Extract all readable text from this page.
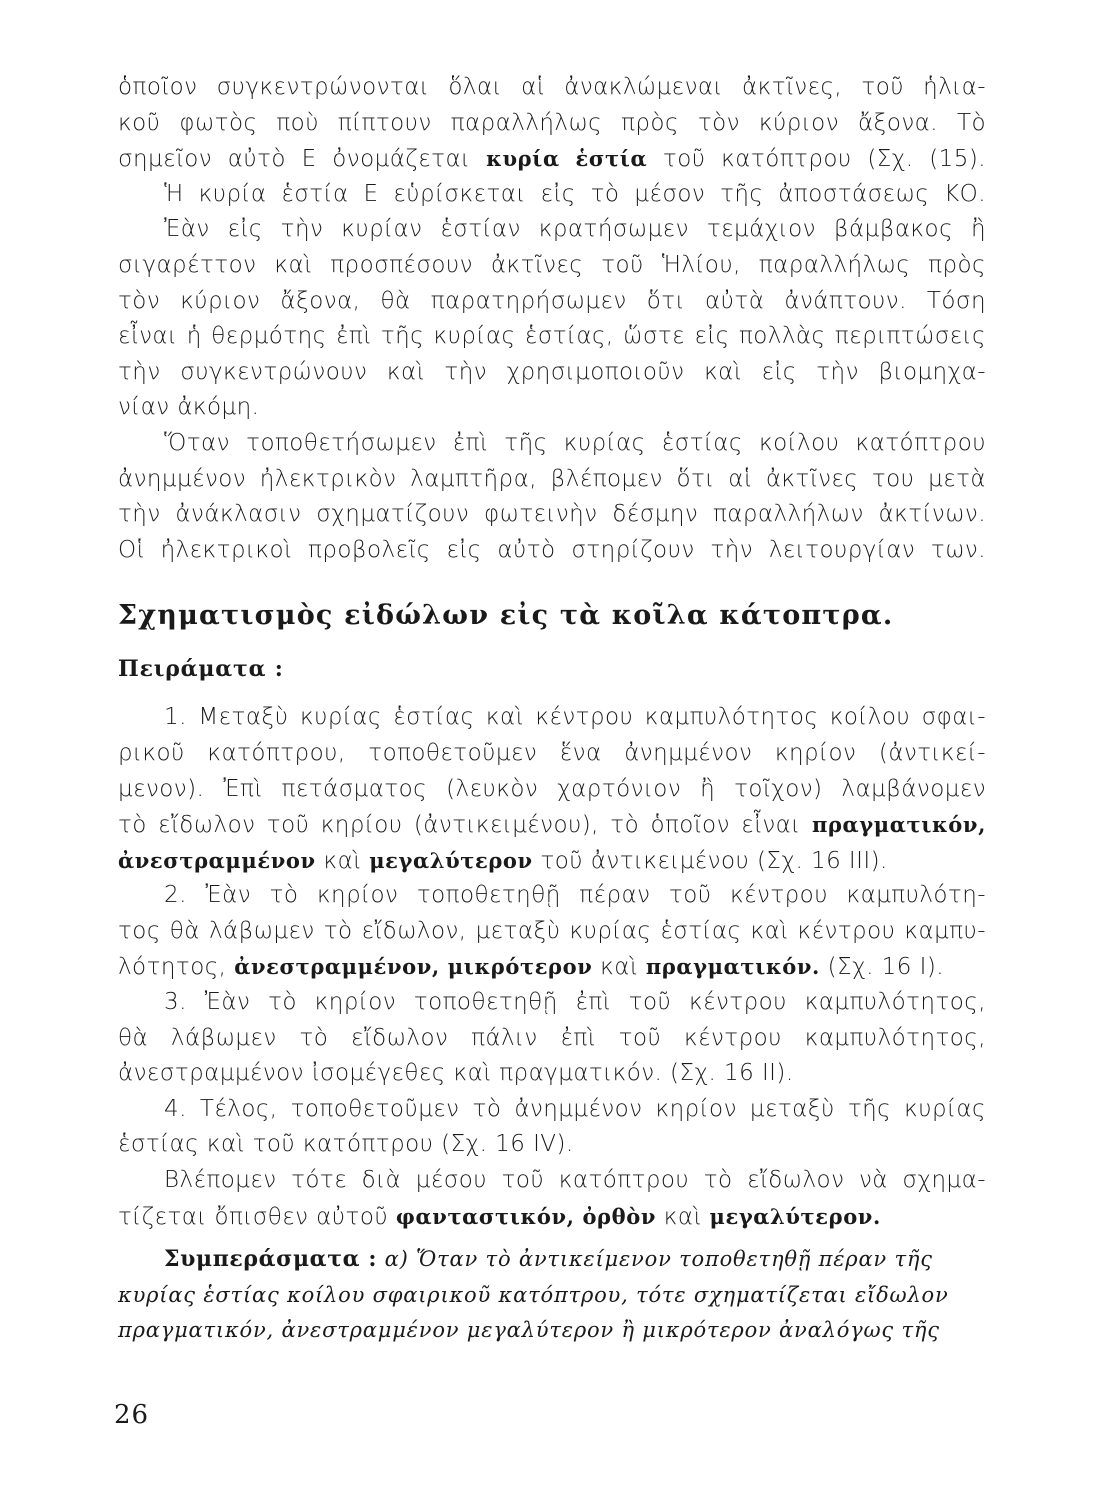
ὁποῖον συγκεντρώνονται ὅλαι αἱ ἀνακλώμεναι ἀκτῖνες, τοῦ ἡλια-

κοῦ φωτὸς ποὺ πίπτουν παραλλήλως πρὸς τὸν κύριον ἄξονα. Τὸ

σημεῖον αὐτὸ Ε ὀνομάζεται κυρία ἑστία τοῦ κατόπτρου (Σχ. (15).

Ἡ κυρία ἑστία Ε εὑρίσκεται εἰς τὸ μέσον τῆς ἀποστάσεως ΚΟ.

Ἐὰν εἰς τὴν κυρίαν ἑστίαν κρατήσωμεν τεμάχιον βάμβακος ἢ

σιγαρέττον καὶ προσπέσουν ἀκτῖνες τοῦ Ἡλίου, παραλλήλως πρὸς

τὸν κύριον ἄξονα, θὰ παρατηρήσωμεν ὅτι αὐτὰ ἀνάπτουν. Τόση

εἶναι ἡ θερμότης ἐπὶ τῆς κυρίας ἑστίας, ὥστε εἰς πολλὰς περιπτώσεις

τὴν συγκεντρώνουν καὶ τὴν χρησιμοποιοῦν καὶ εἰς τὴν βιομηχα-

νίαν ἀκόμη.

Ὅταν τοποθετήσωμεν ἐπὶ τῆς κυρίας ἑστίας κοίλου κατόπτρου

ἀνημμένον ἠλεκτρικὸν λαμπτῆρα, βλέπομεν ὅτι αἱ ἀκτῖνες του μετὰ

τὴν ἀνάκλασιν σχηματίζουν φωτεινὴν δέσμην παραλλήλων ἀκτίνων.

Οἱ ἠλεκτρικοὶ προβολεῖς εἰς αὐτὸ στηρίζουν τὴν λειτουργίαν των.

Σχηματισμὸς εἰδώλων εἰς τὰ κοῖλα κάτοπτρα.
Πειράματα :

1. Μεταξὺ κυρίας ἑστίας καὶ κέντρου καμπυλότητος κοίλου σφαι-

ρικοῦ κατόπτρου, τοποθετοῦμεν ἕνα ἀνημμένον κηρίον (ἀντικεί-

μενον). Ἐπὶ πετάσματος (λευκὸν χαρτόνιον ἢ τοῖχον) λαμβάνομεν

τὸ εἴδωλον τοῦ κηρίου (ἀντικειμένου), τὸ ὁποῖον εἶναι πραγματικόν,

ἀνεστραμμένον καὶ μεγαλύτερον τοῦ ἀντικειμένου (Σχ. 16 III).

2. Ἐὰν τὸ κηρίον τοποθετηθῇ πέραν τοῦ κέντρου καμπυλότη-

τος θὰ λάβωμεν τὸ εἴδωλον, μεταξὺ κυρίας ἑστίας καὶ κέντρου καμπυ-

λότητος, ἀνεστραμμένον, μικρότερον καὶ πραγματικόν. (Σχ. 16 I).

3. Ἐὰν τὸ κηρίον τοποθετηθῇ ἐπὶ τοῦ κέντρου καμπυλότητος,

θὰ λάβωμεν τὸ εἴδωλον πάλιν ἐπὶ τοῦ κέντρου καμπυλότητος,

ἀνεστραμμένον ἰσομέγεθες καὶ πραγματικόν. (Σχ. 16 II).

4. Τέλος, τοποθετοῦμεν τὸ ἀνημμένον κηρίον μεταξὺ τῆς κυρίας

ἑστίας καὶ τοῦ κατόπτρου (Σχ. 16 IV).

Βλέπομεν τότε διὰ μέσου τοῦ κατόπτρου τὸ εἴδωλον νὰ σχημα-

τίζεται ὄπισθεν αὐτοῦ φανταστικόν, ὀρθὸν καὶ μεγαλύτερον.

Συμπεράσματα : α) Ὅταν τὸ ἀντικείμενον τοποθετηθῇ πέραν τῆς

κυρίας ἑστίας κοίλου σφαιρικοῦ κατόπτρου, τότε σχηματίζεται εἴδωλον

πραγματικόν, ἀνεστραμμένον μεγαλύτερον ἢ μικρότερον ἀναλόγως τῆς

26
